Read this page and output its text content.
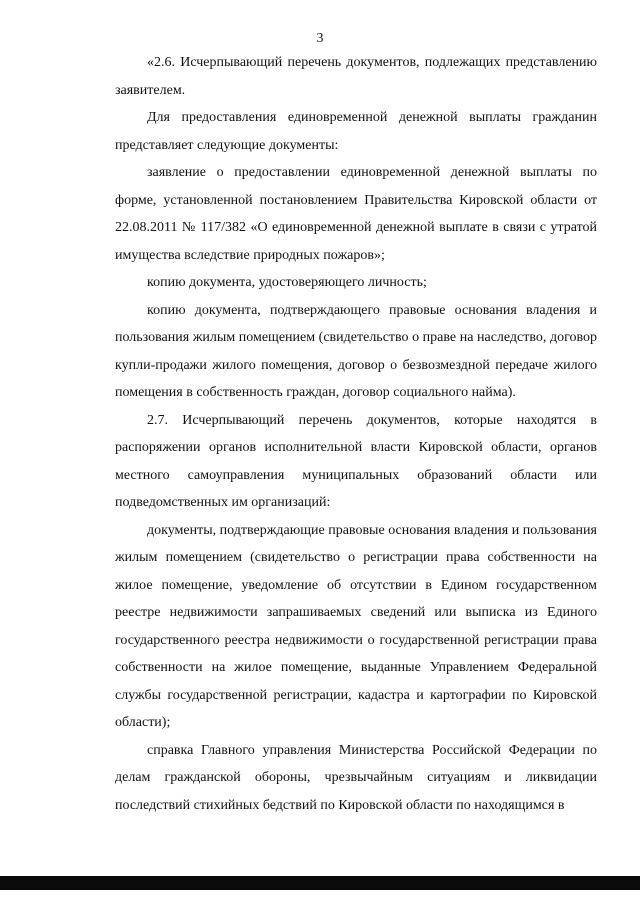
3

«2.6. Исчерпывающий перечень документов, подлежащих представлению заявителем.

Для предоставления единовременной денежной выплаты гражданин представляет следующие документы:

заявление о предоставлении единовременной денежной выплаты по форме, установленной постановлением Правительства Кировской области от 22.08.2011 № 117/382 «О единовременной денежной выплате в связи с утратой имущества вследствие природных пожаров»;

копию документа, удостоверяющего личность;

копию документа, подтверждающего правовые основания владения и пользования жилым помещением (свидетельство о праве на наследство, договор купли-продажи жилого помещения, договор о безвозмездной передаче жилого помещения в собственность граждан, договор социального найма).

2.7. Исчерпывающий перечень документов, которые находятся в распоряжении органов исполнительной власти Кировской области, органов местного самоуправления муниципальных образований области или подведомственных им организаций:

документы, подтверждающие правовые основания владения и пользования жилым помещением (свидетельство о регистрации права собственности на жилое помещение, уведомление об отсутствии в Едином государственном реестре недвижимости запрашиваемых сведений или выписка из Единого государственного реестра недвижимости о государственной регистрации права собственности на жилое помещение, выданные Управлением Федеральной службы государственной регистрации, кадастра и картографии по Кировской области);

справка Главного управления Министерства Российской Федерации по делам гражданской обороны, чрезвычайным ситуациям и ликвидации последствий стихийных бедствий по Кировской области по находящимся в
